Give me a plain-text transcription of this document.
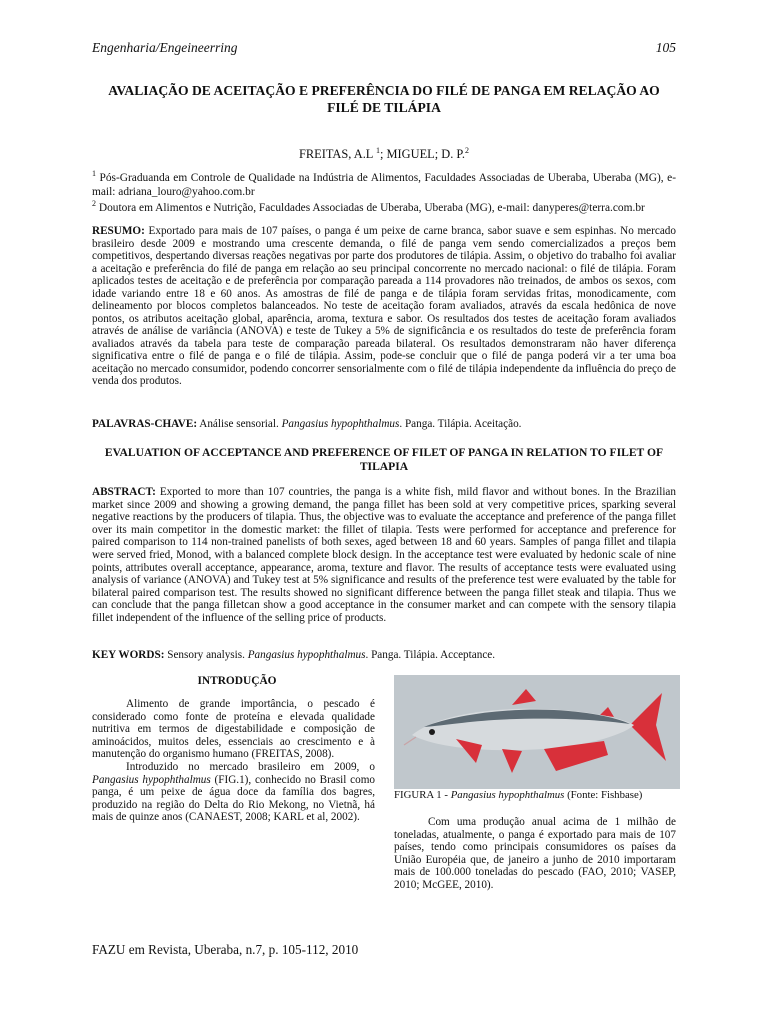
Engenharia/Engeineerring	105
AVALIAÇÃO DE ACEITAÇÃO E PREFERÊNCIA DO FILÉ DE PANGA EM RELAÇÃO AO FILÉ DE TILÁPIA
FREITAS, A.L $^1$; MIGUEL; D. P.$^2$
$^1$ Pós-Graduanda em Controle de Qualidade na Indústria de Alimentos, Faculdades Associadas de Uberaba, Uberaba (MG), e-mail: adriana_louro@yahoo.com.br
$^2$ Doutora em Alimentos e Nutrição, Faculdades Associadas de Uberaba, Uberaba (MG), e-mail: danyperes@terra.com.br
RESUMO: Exportado para mais de 107 países, o panga é um peixe de carne branca, sabor suave e sem espinhas. No mercado brasileiro desde 2009 e mostrando uma crescente demanda, o filé de panga vem sendo comercializados a preços bem competitivos, despertando diversas reações negativas por parte dos produtores de tilápia. Assim, o objetivo do trabalho foi avaliar a aceitação e preferência do filé de panga em relação ao seu principal concorrente no mercado nacional: o filé de tilápia. Foram aplicados testes de aceitação e de preferência por comparação pareada a 114 provadores não treinados, de ambos os sexos, com idade variando entre 18 e 60 anos. As amostras de filé de panga e de tilápia foram servidas fritas, monodicamente, com delineamento por blocos completos balanceados. No teste de aceitação foram avaliados, através da escala hedônica de nove pontos, os atributos aceitação global, aparência, aroma, textura e sabor. Os resultados dos testes de aceitação foram avaliados através de análise de variância (ANOVA) e teste de Tukey a 5% de significância e os resultados do teste de preferência foram avaliados através da tabela para teste de comparação pareada bilateral. Os resultados demonstraram não haver diferença significativa entre o filé de panga e o filé de tilápia. Assim, pode-se concluir que o filé de panga poderá vir a ter uma boa aceitação no mercado consumidor, podendo concorrer sensorialmente com o filé de tilápia independente da influência do preço de venda dos produtos.
PALAVRAS-CHAVE: Análise sensorial. Pangasius hypophthalmus. Panga. Tilápia. Aceitação.
EVALUATION OF ACCEPTANCE AND PREFERENCE OF FILET OF PANGA IN RELATION TO FILET OF TILAPIA
ABSTRACT: Exported to more than 107 countries, the panga is a white fish, mild flavor and without bones. In the Brazilian market since 2009 and showing a growing demand, the panga fillet has been sold at very competitive prices, sparking several negative reactions by the producers of tilapia. Thus, the objective was to evaluate the acceptance and preference of the panga fillet over its main competitor in the domestic market: the fillet of tilapia. Tests were performed for acceptance and preference for paired comparison to 114 non-trained panelists of both sexes, aged between 18 and 60 years. Samples of panga fillet and tilapia were served fried, Monod, with a balanced complete block design. In the acceptance test were evaluated by hedonic scale of nine points, attributes overall acceptance, appearance, aroma, texture and flavor. The results of acceptance tests were evaluated using analysis of variance (ANOVA) and Tukey test at 5% significance and results of the preference test were evaluated by the table for bilateral paired comparison test. The results showed no significant difference between the panga fillet steak and tilapia. Thus we can conclude that the panga filletcan show a good acceptance in the consumer market and can compete with the sensory tilapia fillet independent of the influence of the selling price of products.
KEY WORDS: Sensory analysis. Pangasius hypophthalmus. Panga. Tilápia. Acceptance.
INTRODUÇÃO

Alimento de grande importância, o pescado é considerado como fonte de proteína e elevada qualidade nutritiva em termos de digestabilidade e composição de aminoácidos, muitos deles, essenciais ao crescimento e à manutenção do organismo humano (FREITAS, 2008).

Introduzido no mercado brasileiro em 2009, o Pangasius hypophthalmus (FIG.1), conhecido no Brasil como panga, é um peixe de água doce da família dos bagres, produzido na região do Delta do Rio Mekong, no Vietnã, há mais de quinze anos (CANAEST, 2008; KARL et al, 2002).

FIGURA 1 - Pangasius hypophthalmus (Fonte: Fishbase)

Com uma produção anual acima de 1 milhão de toneladas, atualmente, o panga é exportado para mais de 107 países, tendo como principais consumidores os países da União Européia que, de janeiro a junho de 2010 importaram mais de 100.000 toneladas do pescado (FAO, 2010; VASEP, 2010; McGEE, 2010).

FAZU em Revista, Uberaba, n.7, p. 105-112, 2010
